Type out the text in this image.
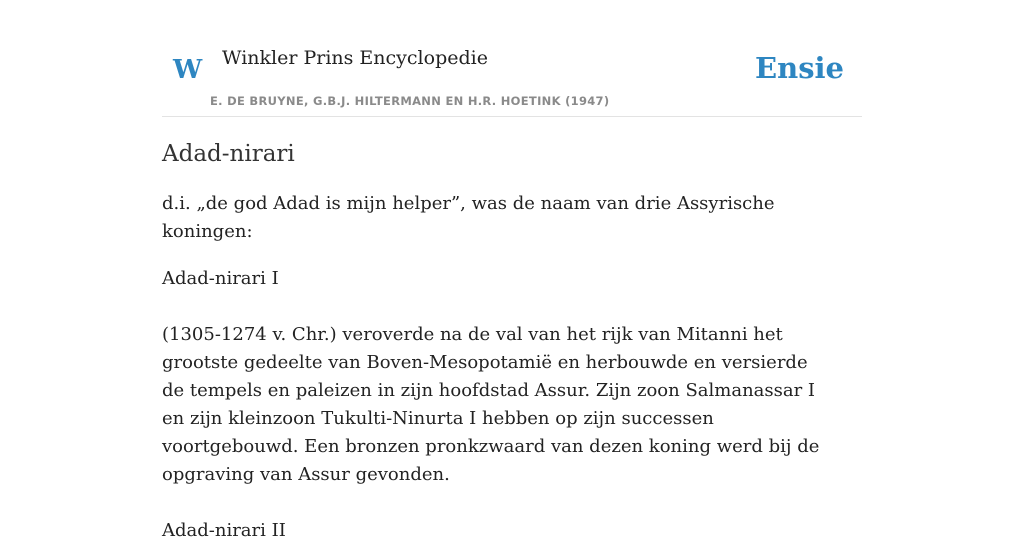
W Winkler Prins Encyclopedie
E. DE BRUYNE, G.B.J. HILTERMANN EN H.R. HOETINK (1947)
Ensie
Adad-nirari

d.i. „de god Adad is mijn helper”, was de naam van drie Assyrische koningen:

Adad-nirari I

(1305-1274 v. Chr.) veroverde na de val van het rijk van Mitanni het grootste gedeelte van Boven-Mesopotamië en herbouwde en versierde de tempels en paleizen in zijn hoofdstad Assur. Zijn zoon Salmanassar I en zijn kleinzoon Tukulti-Ninurta I hebben op zijn successen voortgebouwd. Een bronzen pronkzwaard van dezen koning werd bij de opgraving van Assur gevonden.

Adad-nirari II
